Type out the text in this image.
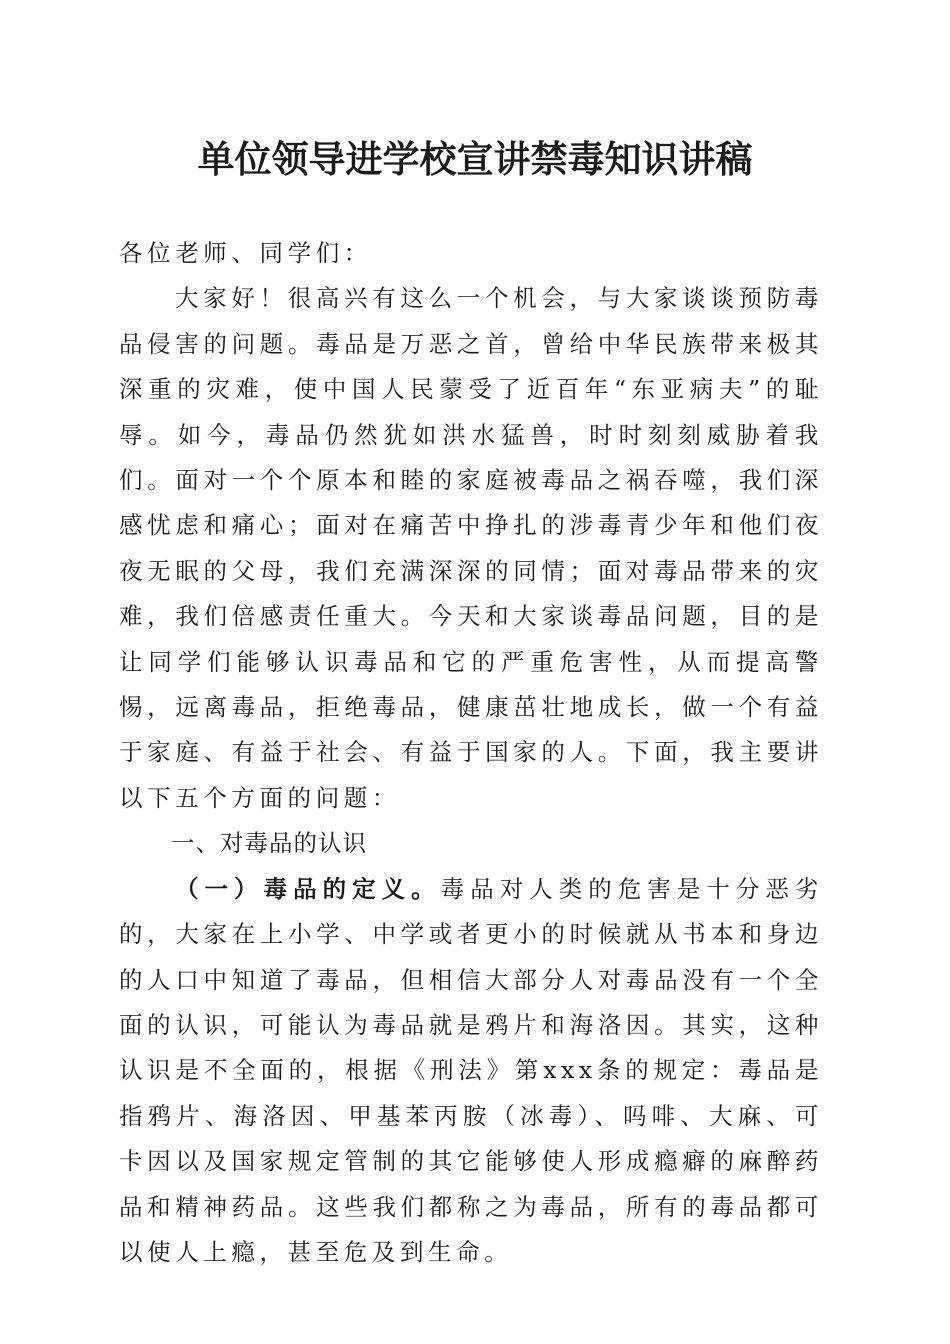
单位领导进学校宣讲禁毒知识讲稿

各位老师、同学们：

大家好！很高兴有这么一个机会，与大家谈谈预防毒品侵害的问题。毒品是万恶之首，曾给中华民族带来极其深重的灾难，使中国人民蒙受了近百年“东亚病夫”的耻辱。如今，毒品仍然犹如洪水猛兽，时时刻刻威胁着我们。面对一个个原本和睦的家庭被毒品之祸吞噬，我们深感忧虑和痛心；面对在痛苦中挣扎的涉毒青少年和他们夜夜无眠的父母，我们充满深深的同情；面对毒品带来的灾难，我们倍感责任重大。今天和大家谈毒品问题，目的是让同学们能够认识毒品和它的严重危害性，从而提高警惕，远离毒品，拒绝毒品，健康茁壮地成长，做一个有益于家庭、有益于社会、有益于国家的人。下面，我主要讲以下五个方面的问题：

一、对毒品的认识

（一）毒品的定义。毒品对人类的危害是十分恶劣的，大家在上小学、中学或者更小的时候就从书本和身边的人口中知道了毒品，但相信大部分人对毒品没有一个全面的认识，可能认为毒品就是鸦片和海洛因。其实，这种认识是不全面的，根据《刑法》第xxx条的规定：毒品是指鸦片、海洛因、甲基苯丙胺（冰毒）、吗啡、大麻、可卡因以及国家规定管制的其它能够使人形成瘾癖的麻醉药品和精神药品。这些我们都称之为毒品，所有的毒品都可以使人上瘾，甚至危及到生命。
